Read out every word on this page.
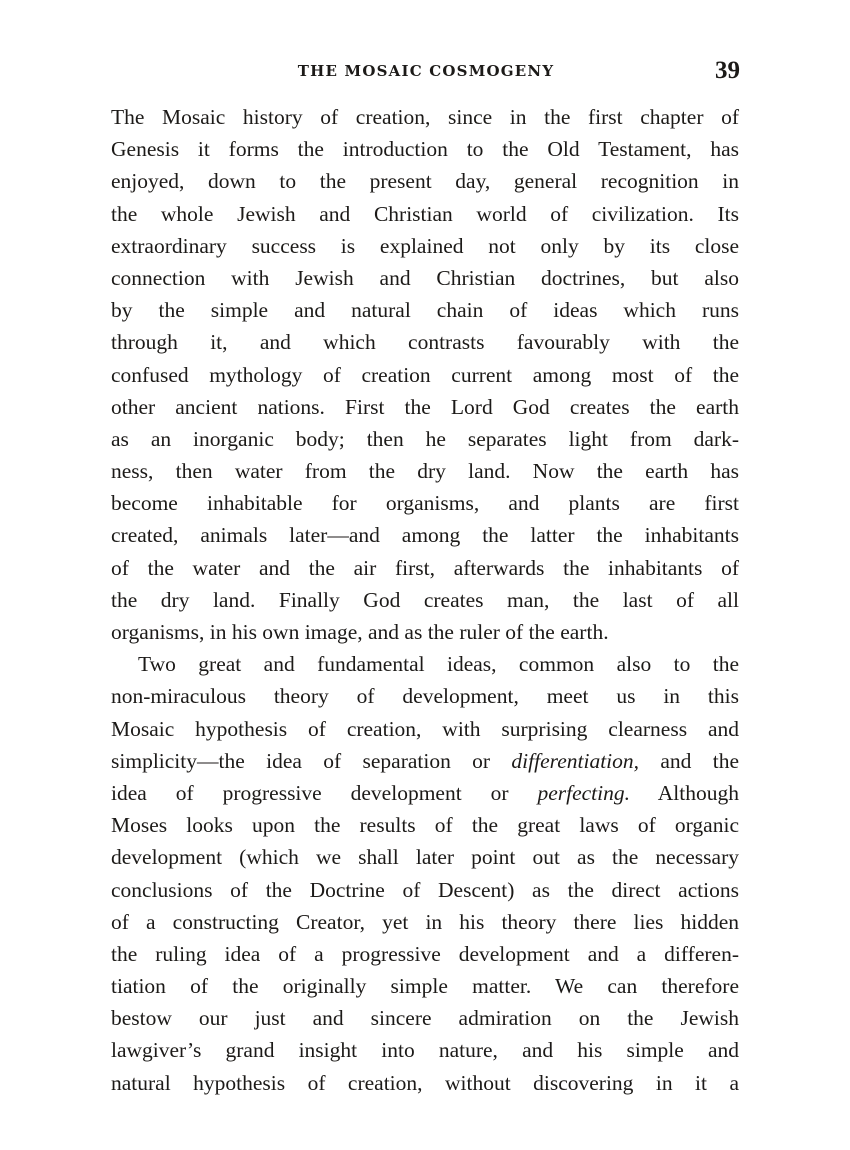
THE MOSAIC COSMOGENY	39
The Mosaic history of creation, since in the first chapter of
Genesis it forms the introduction to the Old Testament, has
enjoyed, down to the present day, general recognition in
the whole Jewish and Christian world of civilization. Its
extraordinary success is explained not only by its close
connection with Jewish and Christian doctrines, but also
by the simple and natural chain of ideas which runs
through it, and which contrasts favourably with the
confused mythology of creation current among most of the
other ancient nations. First the Lord God creates the earth
as an inorganic body; then he separates light from dark-
ness, then water from the dry land. Now the earth has
become inhabitable for organisms, and plants are first
created, animals later—and among the latter the inhabitants
of the water and the air first, afterwards the inhabitants of
the dry land. Finally God creates man, the last of all
organisms, in his own image, and as the ruler of the earth.
Two great and fundamental ideas, common also to the
non-miraculous theory of development, meet us in this
Mosaic hypothesis of creation, with surprising clearness and
simplicity—the idea of separation or differentiation, and the
idea of progressive development or perfecting. Although
Moses looks upon the results of the great laws of organic
development (which we shall later point out as the necessary
conclusions of the Doctrine of Descent) as the direct actions
of a constructing Creator, yet in his theory there lies hidden
the ruling idea of a progressive development and a differen-
tiation of the originally simple matter. We can therefore
bestow our just and sincere admiration on the Jewish
lawgiver’s grand insight into nature, and his simple and
natural hypothesis of creation, without discovering in it a
